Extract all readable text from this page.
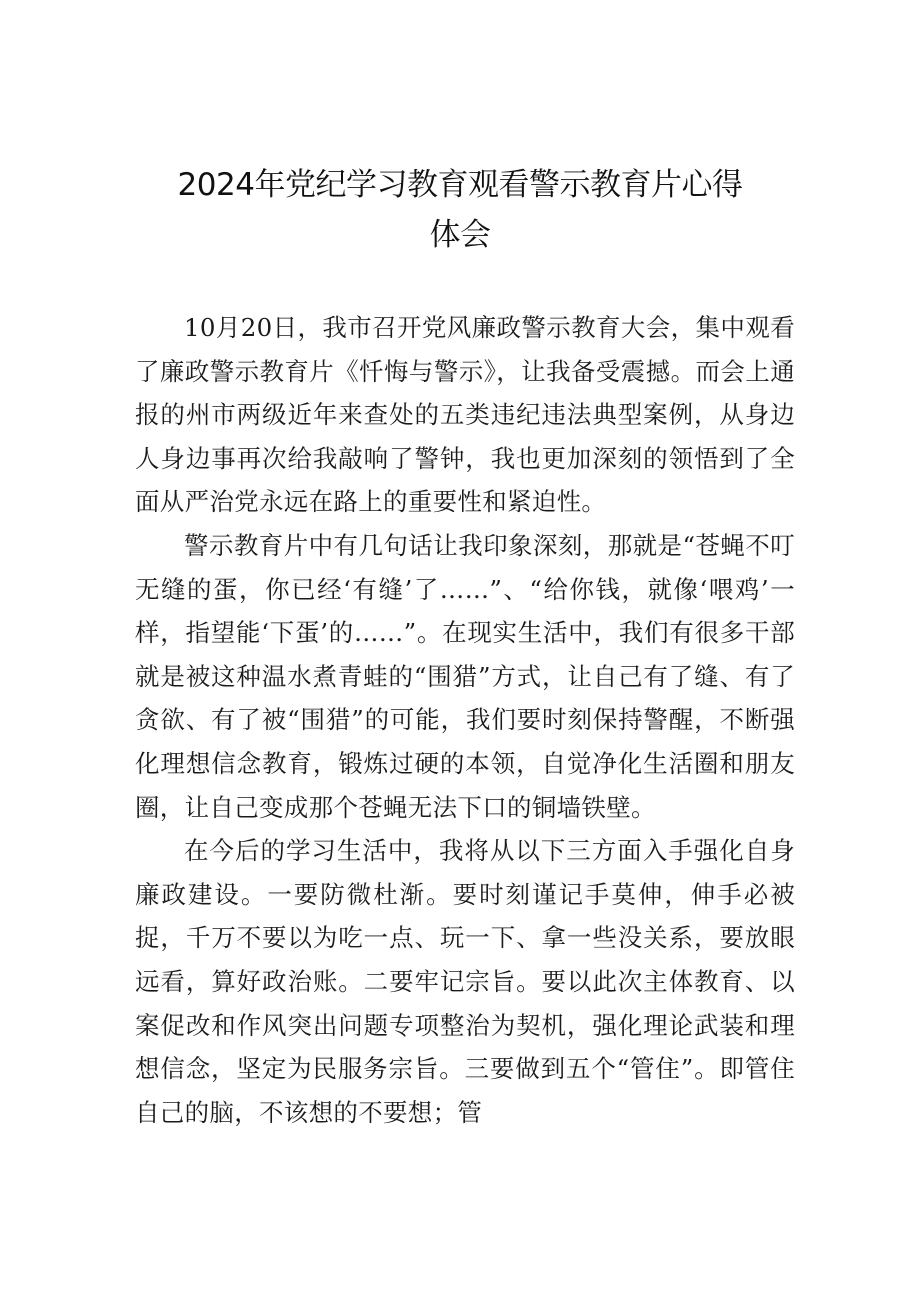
2024年党纪学习教育观看警示教育片心得
体会

10月20日，我市召开党风廉政警示教育大会，集中观看了廉政警示教育片《忏悔与警示》，让我备受震撼。而会上通报的州市两级近年来查处的五类违纪违法典型案例，从身边人身边事再次给我敲响了警钟，我也更加深刻的领悟到了全面从严治党永远在路上的重要性和紧迫性。

警示教育片中有几句话让我印象深刻，那就是“苍蝇不叮无缝的蛋，你已经‘有缝’了……”、“给你钱，就像‘喂鸡’一样，指望能‘下蛋’的……”。在现实生活中，我们有很多干部就是被这种温水煮青蛙的“围猎”方式，让自己有了缝、有了贪欲、有了被“围猎”的可能，我们要时刻保持警醒，不断强化理想信念教育，锻炼过硬的本领，自觉净化生活圈和朋友圈，让自己变成那个苍蝇无法下口的铜墙铁壁。

在今后的学习生活中，我将从以下三方面入手强化自身廉政建设。一要防微杜渐。要时刻谨记手莫伸，伸手必被捉，千万不要以为吃一点、玩一下、拿一些没关系，要放眼远看，算好政治账。二要牢记宗旨。要以此次主体教育、以案促改和作风突出问题专项整治为契机，强化理论武装和理想信念，坚定为民服务宗旨。三要做到五个“管住”。即管住自己的脑，不该想的不要想；管
